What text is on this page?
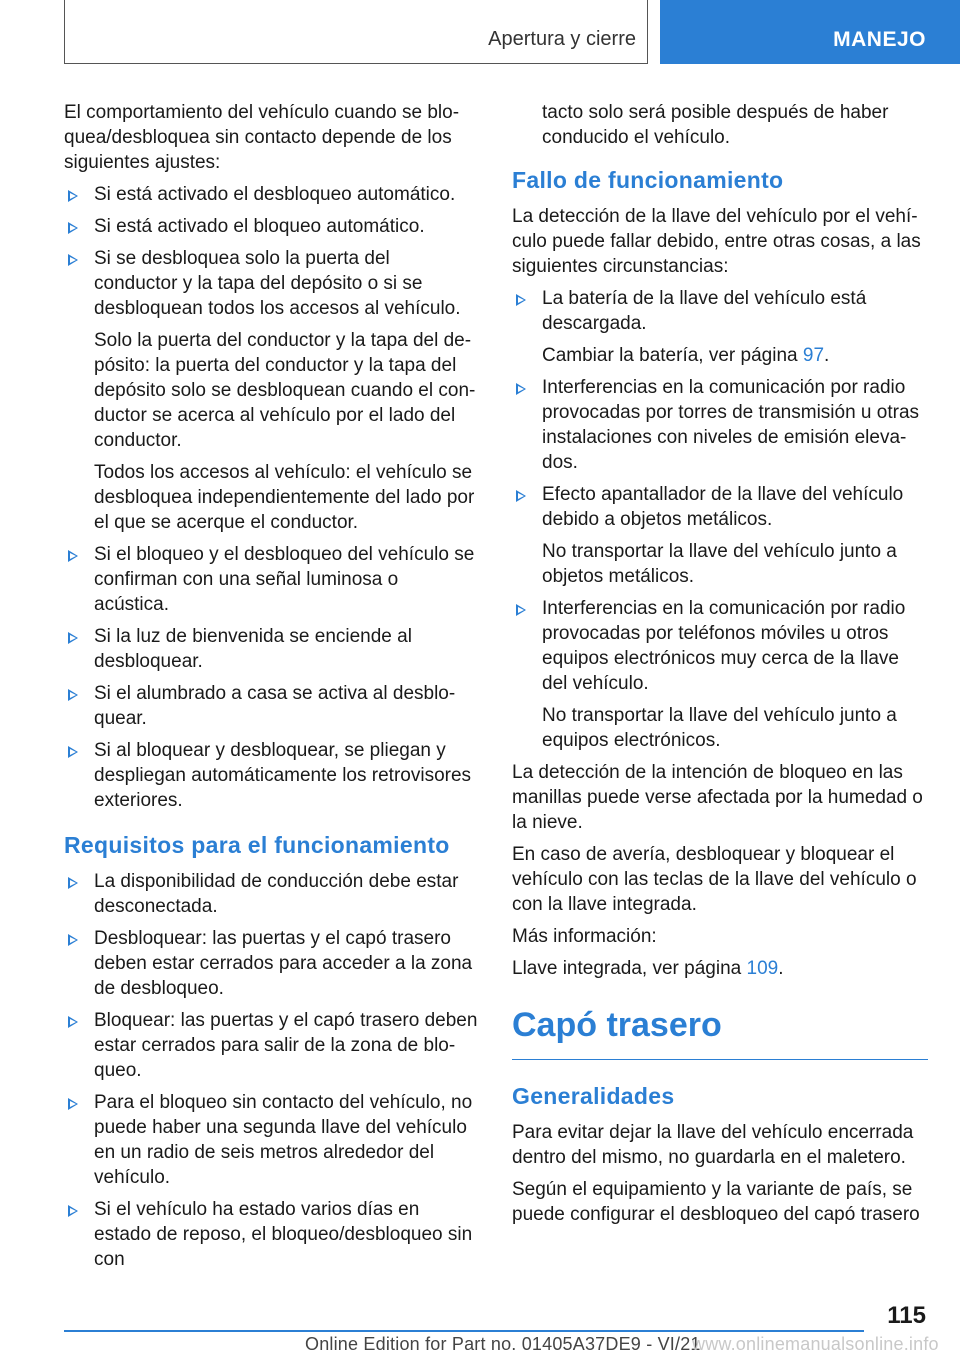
Apertura y cierre	MANEJO

El comportamiento del vehículo cuando se bloquea/desbloquea sin contacto depende de los siguientes ajustes:

Si está activado el desbloqueo automático.
Si está activado el bloqueo automático.
Si se desbloquea solo la puerta del conductor y la tapa del depósito o si se desbloquean todos los accesos al vehículo.

Solo la puerta del conductor y la tapa del depósito: la puerta del conductor y la tapa del depósito solo se desbloquean cuando el conductor se acerca al vehículo por el lado del conductor.

Todos los accesos al vehículo: el vehículo se desbloquea independientemente del lado por el que se acerque el conductor.

Si el bloqueo y el desbloqueo del vehículo se confirman con una señal luminosa o acústica.
Si la luz de bienvenida se enciende al desbloquear.
Si el alumbrado a casa se activa al desbloquear.
Si al bloquear y desbloquear, se pliegan y despliegan automáticamente los retrovisores exteriores.
Requisitos para el funcionamiento
La disponibilidad de conducción debe estar desconectada.
Desbloquear: las puertas y el capó trasero deben estar cerrados para acceder a la zona de desbloqueo.
Bloquear: las puertas y el capó trasero deben estar cerrados para salir de la zona de bloqueo.
Para el bloqueo sin contacto del vehículo, no puede haber una segunda llave del vehículo en un radio de seis metros alrededor del vehículo.
Si el vehículo ha estado varios días en estado de reposo, el bloqueo/desbloqueo sin con

tacto solo será posible después de haber conducido el vehículo.

Fallo de funcionamiento

La detección de la llave del vehículo por el vehículo puede fallar debido, entre otras cosas, a las siguientes circunstancias:

La batería de la llave del vehículo está descargada.

Cambiar la batería, ver página 97.

Interferencias en la comunicación por radio provocadas por torres de transmisión u otras instalaciones con niveles de emisión elevados.
Efecto apantallador de la llave del vehículo debido a objetos metálicos.

No transportar la llave del vehículo junto a objetos metálicos.

Interferencias en la comunicación por radio provocadas por teléfonos móviles u otros equipos electrónicos muy cerca de la llave del vehículo.

No transportar la llave del vehículo junto a equipos electrónicos.

La detección de la intención de bloqueo en las manillas puede verse afectada por la humedad o la nieve.

En caso de avería, desbloquear y bloquear el vehículo con las teclas de la llave del vehículo o con la llave integrada.

Más información:

Llave integrada, ver página 109.

Capó trasero
Generalidades

Para evitar dejar la llave del vehículo encerrada dentro del mismo, no guardarla en el maletero.

Según el equipamiento y la variante de país, se puede configurar el desbloqueo del capó trasero

115
Online Edition for Part no. 01405A37DE9 - VI/21
www.onlinemanualsonline.info
